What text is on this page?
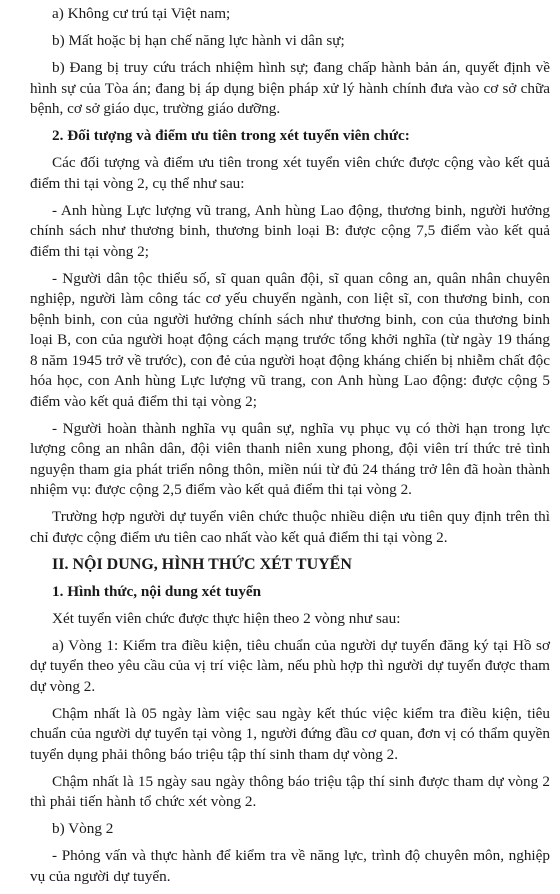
a) Không cư trú tại Việt nam;

b) Mất hoặc bị hạn chế năng lực hành vi dân sự;

b) Đang bị truy cứu trách nhiệm hình sự; đang chấp hành bản án, quyết định về hình sự của Tòa án; đang bị áp dụng biện pháp xử lý hành chính đưa vào cơ sở chữa bệnh, cơ sở giáo dục, trường giáo dưỡng.

2. Đối tượng và điểm ưu tiên trong xét tuyển viên chức:

Các đối tượng và điểm ưu tiên trong xét tuyển viên chức được cộng vào kết quả điểm thi tại vòng 2, cụ thể như sau:

- Anh hùng Lực lượng vũ trang, Anh hùng Lao động, thương binh, người hưởng chính sách như thương binh, thương binh loại B: được cộng 7,5 điểm vào kết quả điểm thi tại vòng 2;

- Người dân tộc thiểu số, sĩ quan quân đội, sĩ quan công an, quân nhân chuyên nghiệp, người làm công tác cơ yếu chuyển ngành, con liệt sĩ, con thương binh, con bệnh binh, con của người hưởng chính sách như thương binh, con của thương binh loại B, con của người hoạt động cách mạng trước tổng khởi nghĩa (từ ngày 19 tháng 8 năm 1945 trở về trước), con đẻ của người hoạt động kháng chiến bị nhiễm chất độc hóa học, con Anh hùng Lực lượng vũ trang, con Anh hùng Lao động: được cộng 5 điểm vào kết quả điểm thi tại vòng 2;

- Người hoàn thành nghĩa vụ quân sự, nghĩa vụ phục vụ có thời hạn trong lực lượng công an nhân dân, đội viên thanh niên xung phong, đội viên trí thức trẻ tình nguyện tham gia phát triển nông thôn, miền núi từ đủ 24 tháng trở lên đã hoàn thành nhiệm vụ: được cộng 2,5 điểm vào kết quả điểm thi tại vòng 2.

Trường hợp người dự tuyển viên chức thuộc nhiều diện ưu tiên quy định trên thì chỉ được cộng điểm ưu tiên cao nhất vào kết quả điểm thi tại vòng 2.

II. NỘI DUNG, HÌNH THỨC XÉT TUYỂN

1. Hình thức, nội dung xét tuyển

Xét tuyển viên chức được thực hiện theo 2 vòng như sau:

a) Vòng 1: Kiểm tra điều kiện, tiêu chuẩn của người dự tuyển đăng ký tại Hồ sơ dự tuyển theo yêu cầu của vị trí việc làm, nếu phù hợp thì người dự tuyển được tham dự vòng 2.

Chậm nhất là 05 ngày làm việc sau ngày kết thúc việc kiểm tra điều kiện, tiêu chuẩn của người dự tuyển tại vòng 1, người đứng đầu cơ quan, đơn vị có thẩm quyền tuyển dụng phải thông báo triệu tập thí sinh tham dự vòng 2.

Chậm nhất là 15 ngày sau ngày thông báo triệu tập thí sinh được tham dự vòng 2 thì phải tiến hành tổ chức xét vòng 2.

b) Vòng 2

- Phỏng vấn và thực hành để kiểm tra về năng lực, trình độ chuyên môn, nghiệp vụ của người dự tuyển.
